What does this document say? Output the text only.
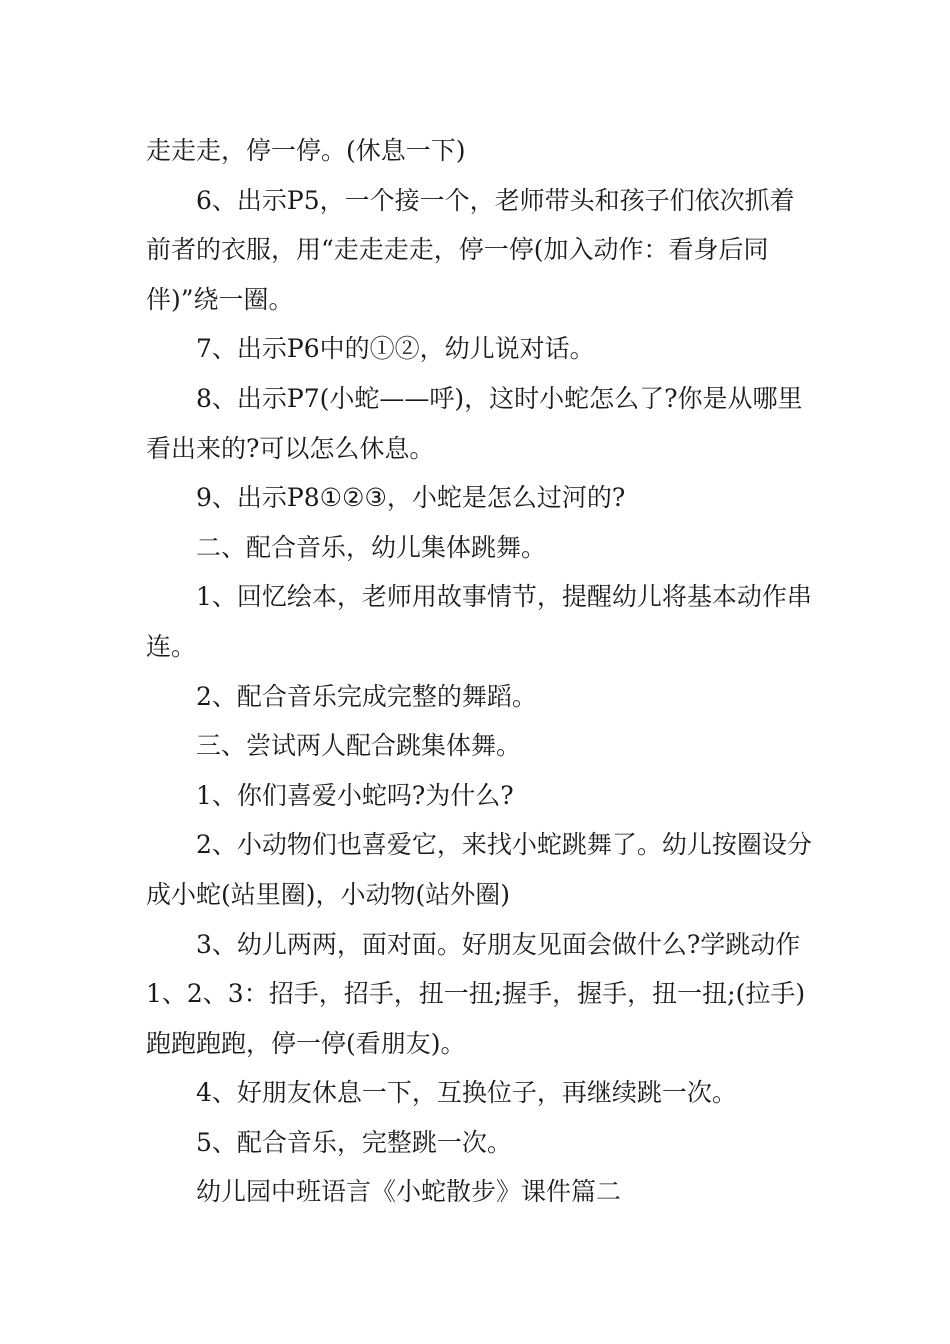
走走走，停一停。(休息一下)

6、出示P5，一个接一个，老师带头和孩子们依次抓着前者的衣服，用“走走走走，停一停(加入动作：看身后同伴)”绕一圈。

7、出示P6中的①②，幼儿说对话。

8、出示P7(小蛇——呼)，这时小蛇怎么了?你是从哪里看出来的?可以怎么休息。

9、出示P8①②③，小蛇是怎么过河的?

二、配合音乐，幼儿集体跳舞。

1、回忆绘本，老师用故事情节，提醒幼儿将基本动作串连。

2、配合音乐完成完整的舞蹈。

三、尝试两人配合跳集体舞。

1、你们喜爱小蛇吗?为什么?

2、小动物们也喜爱它，来找小蛇跳舞了。幼儿按圈设分成小蛇(站里圈)，小动物(站外圈)

3、幼儿两两，面对面。好朋友见面会做什么?学跳动作1、2、3：招手，招手，扭一扭;握手，握手，扭一扭;(拉手)跑跑跑跑，停一停(看朋友)。

4、好朋友休息一下，互换位子，再继续跳一次。

5、配合音乐，完整跳一次。

幼儿园中班语言《小蛇散步》课件篇二
